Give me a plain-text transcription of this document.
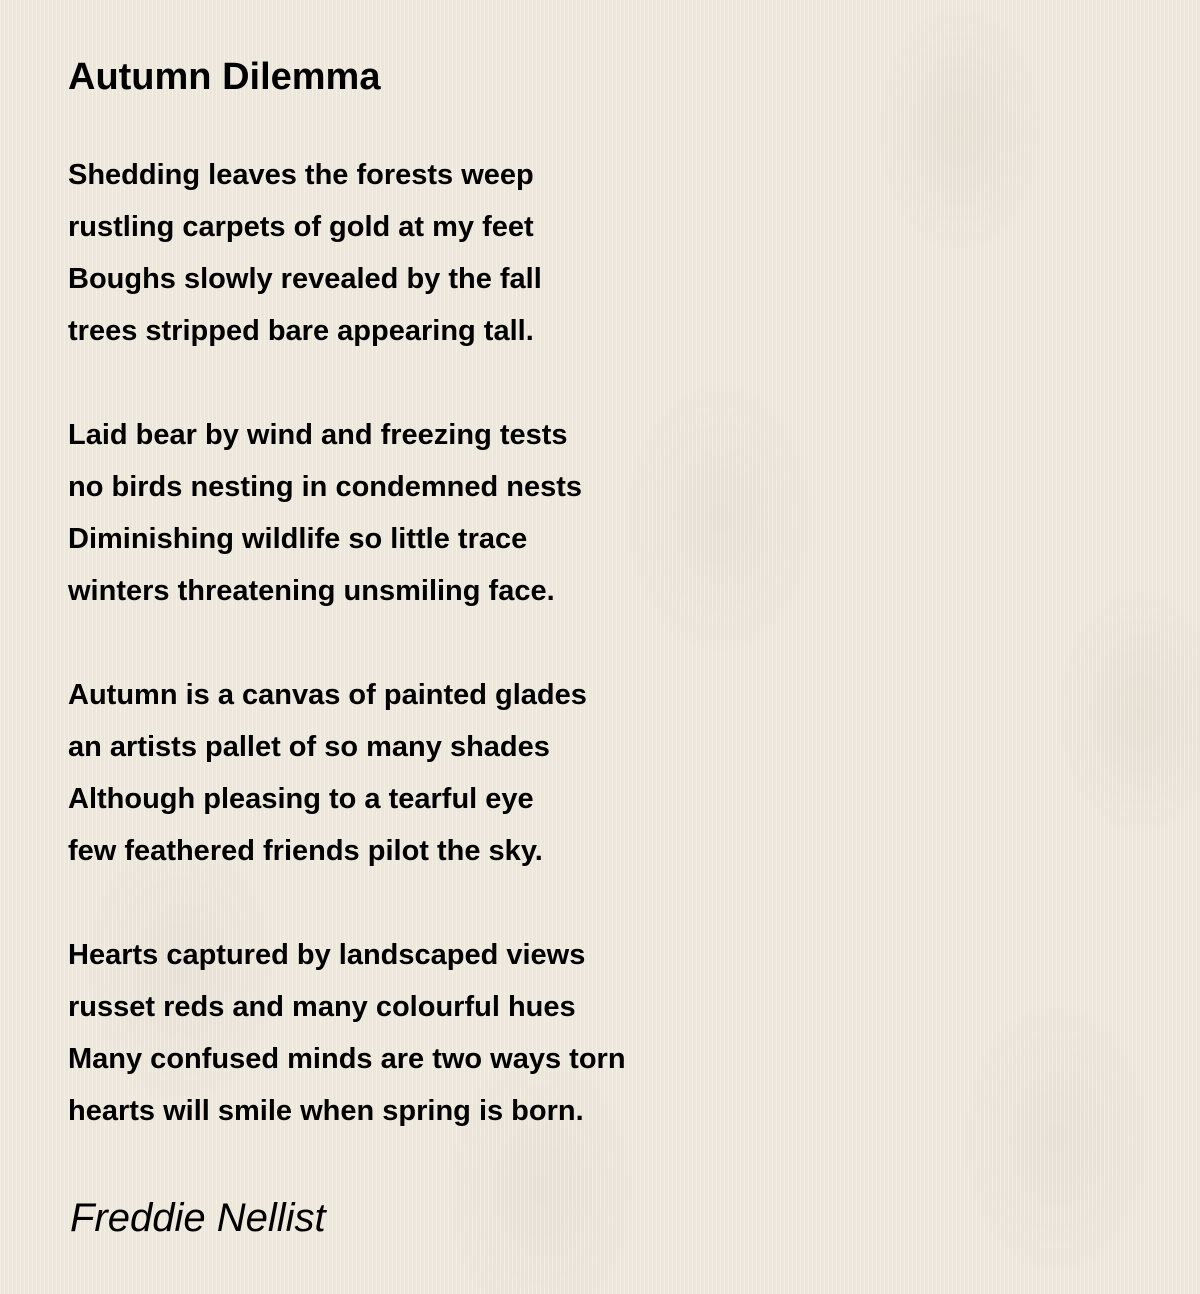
Autumn Dilemma
Shedding leaves the forests weep
rustling carpets of gold at my feet
Boughs slowly revealed by the fall
trees stripped bare appearing tall.
Laid bear by wind and freezing tests
no birds nesting in condemned nests
Diminishing wildlife so little trace
winters threatening unsmiling face.
Autumn is a canvas of painted glades
an artists pallet of so many shades
Although pleasing to a tearful eye
few feathered friends pilot the sky.
Hearts captured by landscaped views
russet reds and many colourful hues
Many confused minds are two ways torn
hearts will smile when spring is born.
Freddie Nellist
